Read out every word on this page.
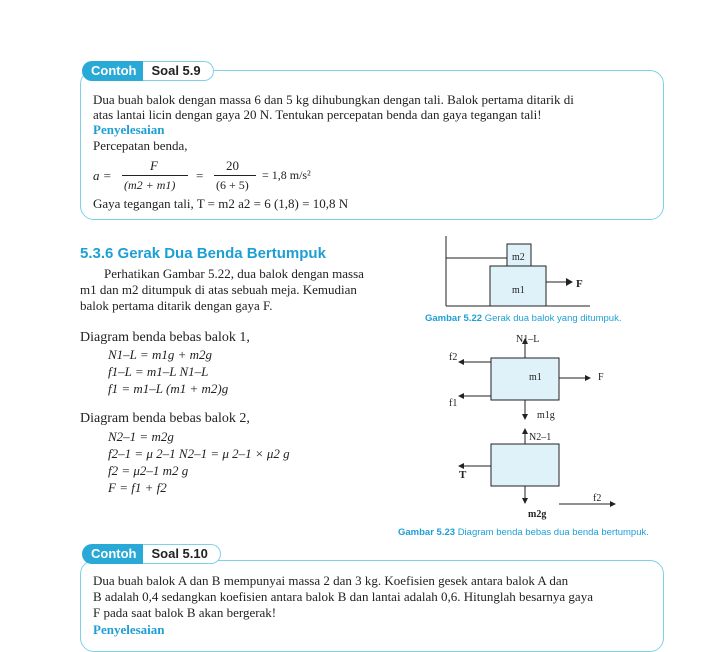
Contoh	Soal 5.9
Dua buah balok dengan massa 6 dan 5 kg dihubungkan dengan tali. Balok pertama ditarik di
atas lantai licin dengan gaya 20 N. Tentukan percepatan benda dan gaya tegangan tali!
Penyelesaian
Percepatan benda,
a =
F
(m2 + m1)
=
20
(6 + 5)
= 1,8 m/s²
Gaya tegangan tali, T = m2 a2 = 6 (1,8) = 10,8 N
5.3.6 Gerak Dua Benda Bertumpuk
Perhatikan Gambar 5.22, dua balok dengan massa
m1 dan m2 ditumpuk di atas sebuah meja. Kemudian
balok pertama ditarik dengan gaya F.
Diagram benda bebas balok 1,
N1–L = m1g + m2g
f1–L = m1–L N1–L
f1 = m1–L (m1 + m2)g
Diagram benda bebas balok 2,
N2–1 = m2g
f2–1 = μ 2–1 N2–1 = μ 2–1 × μ2 g
f2 = μ2–1 m2 g
F = f1 + f2
m2
m1
F
Gambar 5.22 Gerak dua balok yang ditumpuk.
N1–L
f2
m1	F
f1
m1g
N2–1
T
f2
m2g
Gambar 5.23 Diagram benda bebas dua benda bertumpuk.
Contoh	Soal 5.10
Dua buah balok A dan B mempunyai massa 2 dan 3 kg. Koefisien gesek antara balok A dan
B adalah 0,4 sedangkan koefisien antara balok B dan lantai adalah 0,6. Hitunglah besarnya gaya
F pada saat balok B akan bergerak!
Penyelesaian
